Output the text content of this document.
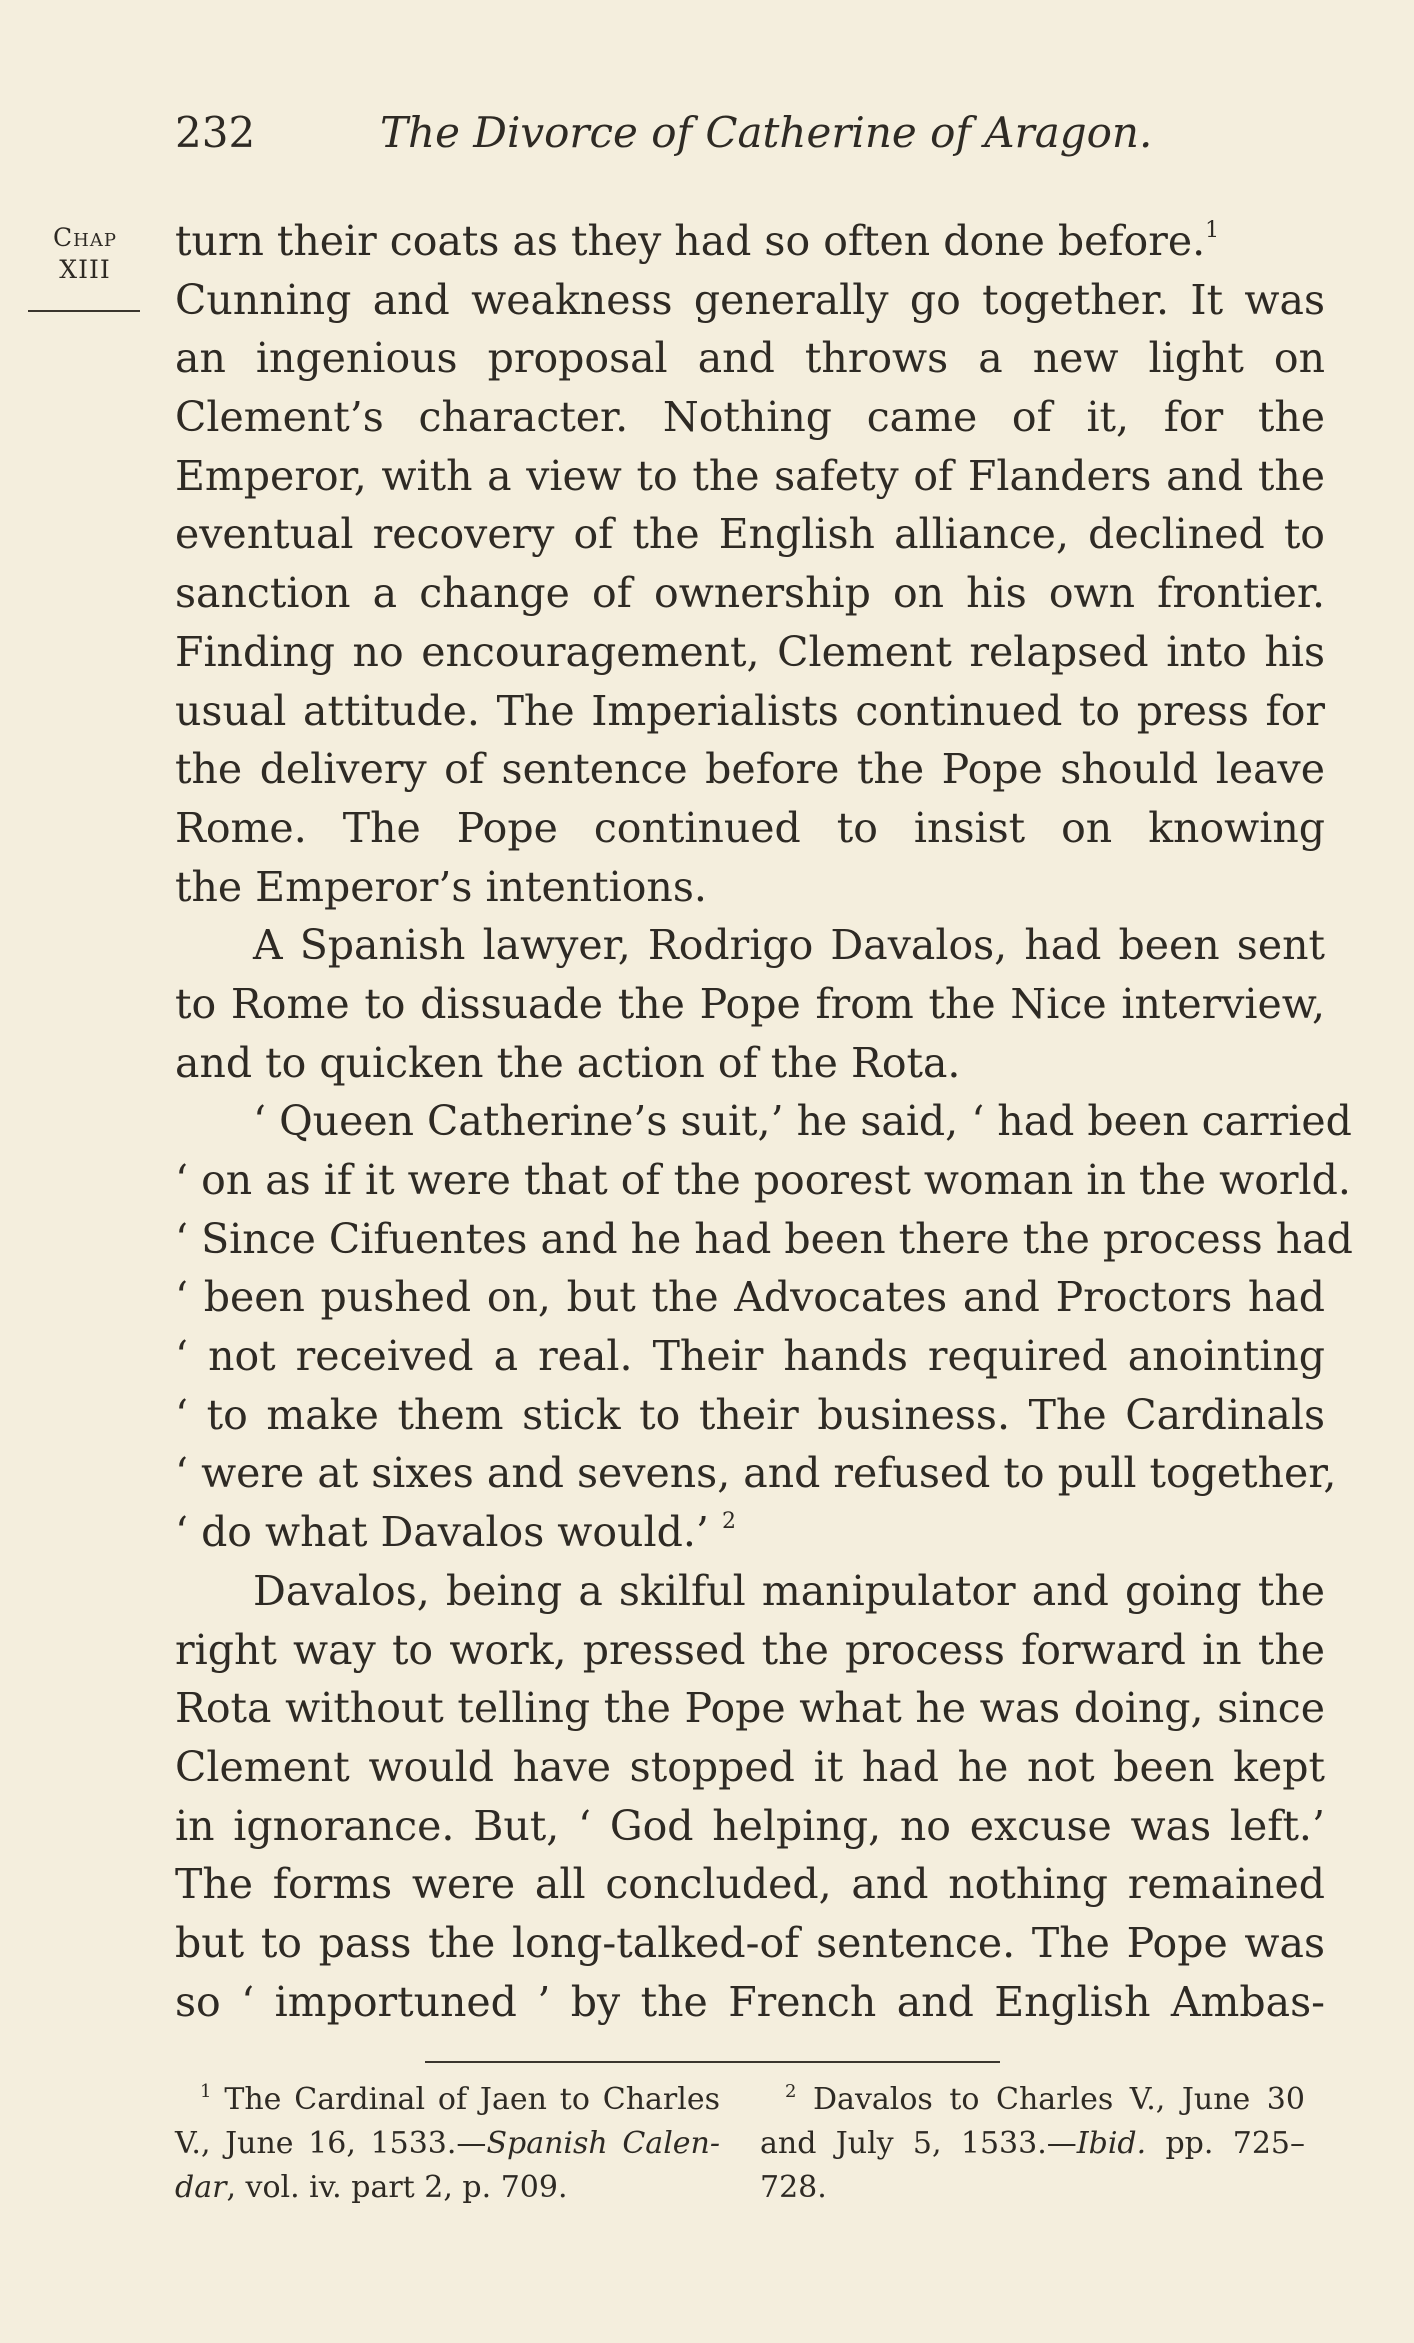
232	The Divorce of Catherine of Aragon.
Chap
XIII
turn their coats as they had so often done before.$^1$
Cunning and weakness generally go together. It was
an ingenious proposal and throws a new light on
Clement’s character. Nothing came of it, for the
Emperor, with a view to the safety of Flanders and the
eventual recovery of the English alliance, declined to
sanction a change of ownership on his own frontier.
Finding no encouragement, Clement relapsed into his
usual attitude. The Imperialists continued to press for
the delivery of sentence before the Pope should leave
Rome. The Pope continued to insist on knowing
the Emperor’s intentions.
A Spanish lawyer, Rodrigo Davalos, had been sent
to Rome to dissuade the Pope from the Nice interview,
and to quicken the action of the Rota.
‘ Queen Catherine’s suit,’ he said, ‘ had been carried
‘ on as if it were that of the poorest woman in the world.
‘ Since Cifuentes and he had been there the process had
‘ been pushed on, but the Advocates and Proctors had
‘ not received a real. Their hands required anointing
‘ to make them stick to their business. The Cardinals
‘ were at sixes and sevens, and refused to pull together,
‘ do what Davalos would.’ $^2$
Davalos, being a skilful manipulator and going the
right way to work, pressed the process forward in the
Rota without telling the Pope what he was doing, since
Clement would have stopped it had he not been kept
in ignorance. But, ‘ God helping, no excuse was left.’
The forms were all concluded, and nothing remained
but to pass the long-talked-of sentence. The Pope was
so ‘ importuned ’ by the French and English Ambas-
$^1$ The Cardinal of Jaen to Charles
V., June 16, 1533.—Spanish Calen-
dar, vol. iv. part 2, p. 709.
$^2$ Davalos to Charles V., June 30
and July 5, 1533.—Ibid. pp. 725–
728.
